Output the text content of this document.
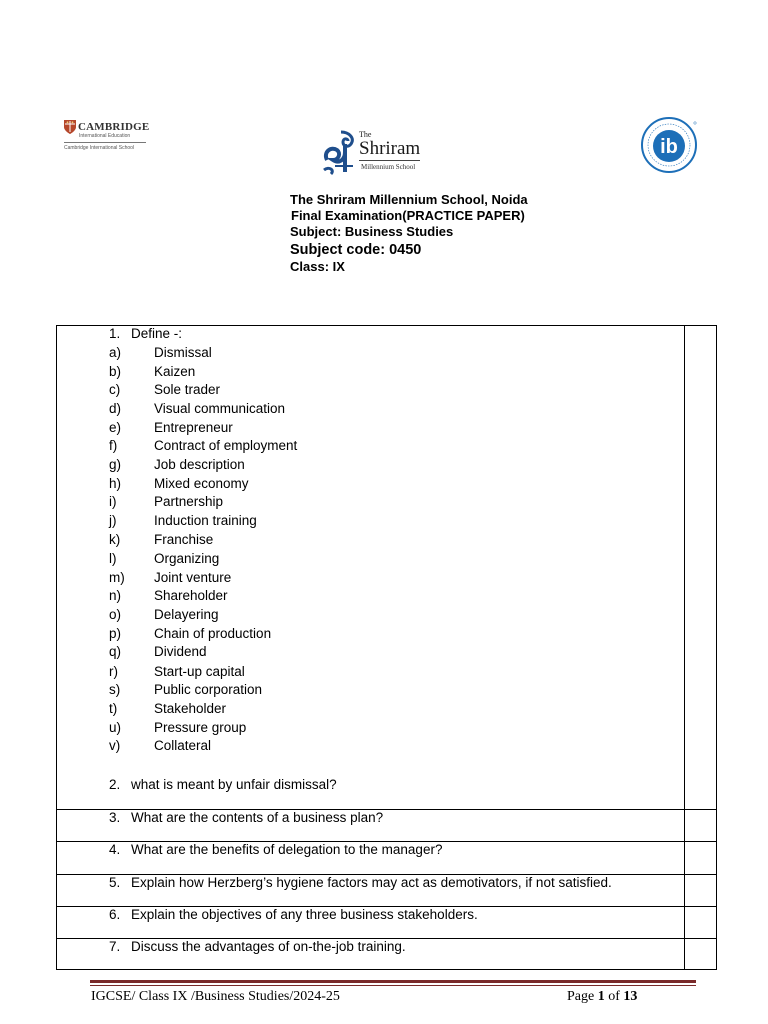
CAMBRIDGE
International Education
Cambridge International School
The
Shriram
Millennium School
ib
The Shriram Millennium School, Noida
Final Examination(PRACTICE PAPER)
Subject: Business Studies
Subject code: 0450
Class: IX
1. Define -:
a) Dismissal
b) Kaizen
c)	Sole trader
d) Visual communication
e) Entrepreneur
f)	Contract of employment
g) Job description
h) Mixed economy
i)	Partnership
j)	Induction training
k)	Franchise
l)	Organizing
m) Joint venture
n) Shareholder
o) Delayering
p) Chain of production
q) Dividend
r)	Start-up capital
s)	Public corporation
t)	Stakeholder
u) Pressure group
v)	Collateral
2. what is meant by unfair dismissal?
3. What are the contents of a business plan?
4. What are the benefits of delegation to the manager?
5. Explain how Herzberg’s hygiene factors may act as demotivators, if not satisfied.
6. Explain the objectives of any three business stakeholders.
7. Discuss the advantages of on-the-job training.
IGCSE/ Class IX /Business Studies/2024-25	Page 1 of 13
